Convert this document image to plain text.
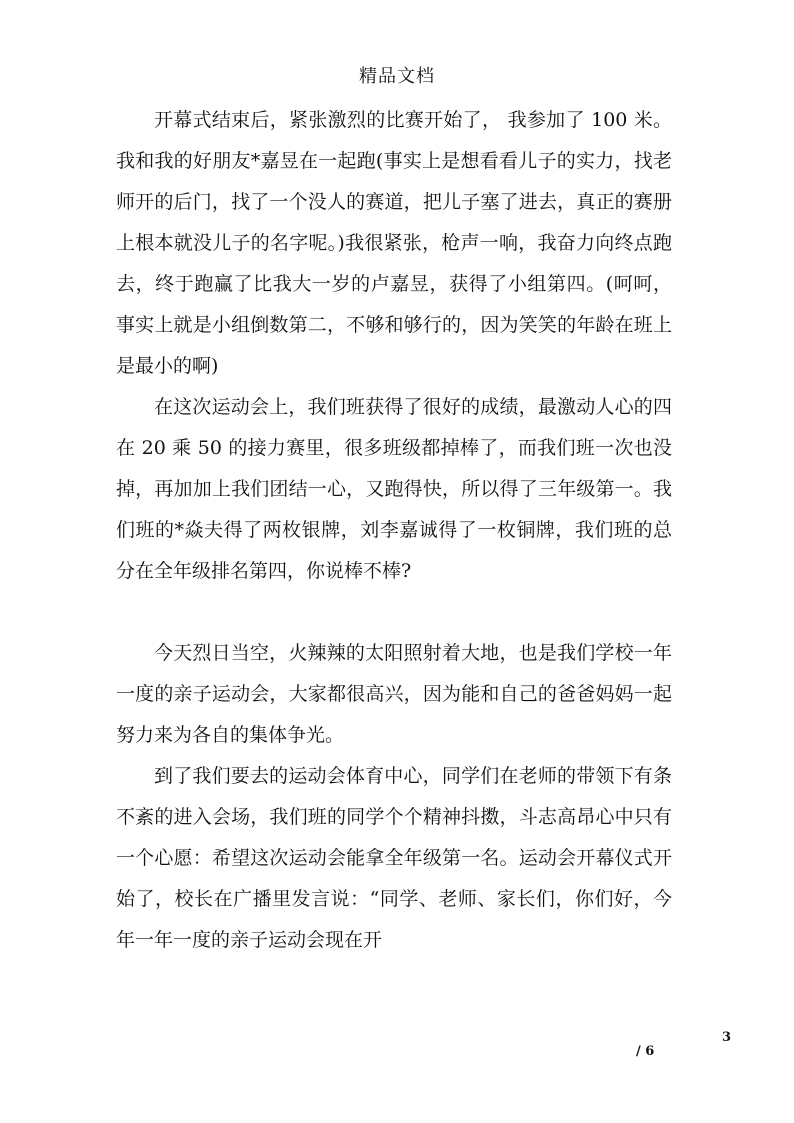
精品文档

开幕式结束后，紧张激烈的比赛开始了， 我参加了 100 米。我和我的好朋友*嘉昱在一起跑(事实上是想看看儿子的实力，找老师开的后门，找了一个没人的赛道，把儿子塞了进去，真正的赛册上根本就没儿子的名字呢。)我很紧张，枪声一响，我奋力向终点跑去，终于跑赢了比我大一岁的卢嘉昱，获得了小组第四。(呵呵，事实上就是小组倒数第二，不够和够行的，因为笑笑的年龄在班上是最小的啊)

在这次运动会上，我们班获得了很好的成绩，最激动人心的四在 20 乘 50 的接力赛里，很多班级都掉棒了，而我们班一次也没掉，再加加上我们团结一心，又跑得快，所以得了三年级第一。我们班的*焱夫得了两枚银牌，刘李嘉诚得了一枚铜牌，我们班的总分在全年级排名第四，你说棒不棒?

今天烈日当空，火辣辣的太阳照射着大地，也是我们学校一年一度的亲子运动会，大家都很高兴，因为能和自己的爸爸妈妈一起努力来为各自的集体争光。

到了我们要去的运动会体育中心，同学们在老师的带领下有条不紊的进入会场，我们班的同学个个精神抖擞，斗志高昂心中只有一个心愿：希望这次运动会能拿全年级第一名。运动会开幕仪式开始了，校长在广播里发言说：“同学、老师、家长们，你们好，今年一年一度的亲子运动会现在开

3
/ 6
